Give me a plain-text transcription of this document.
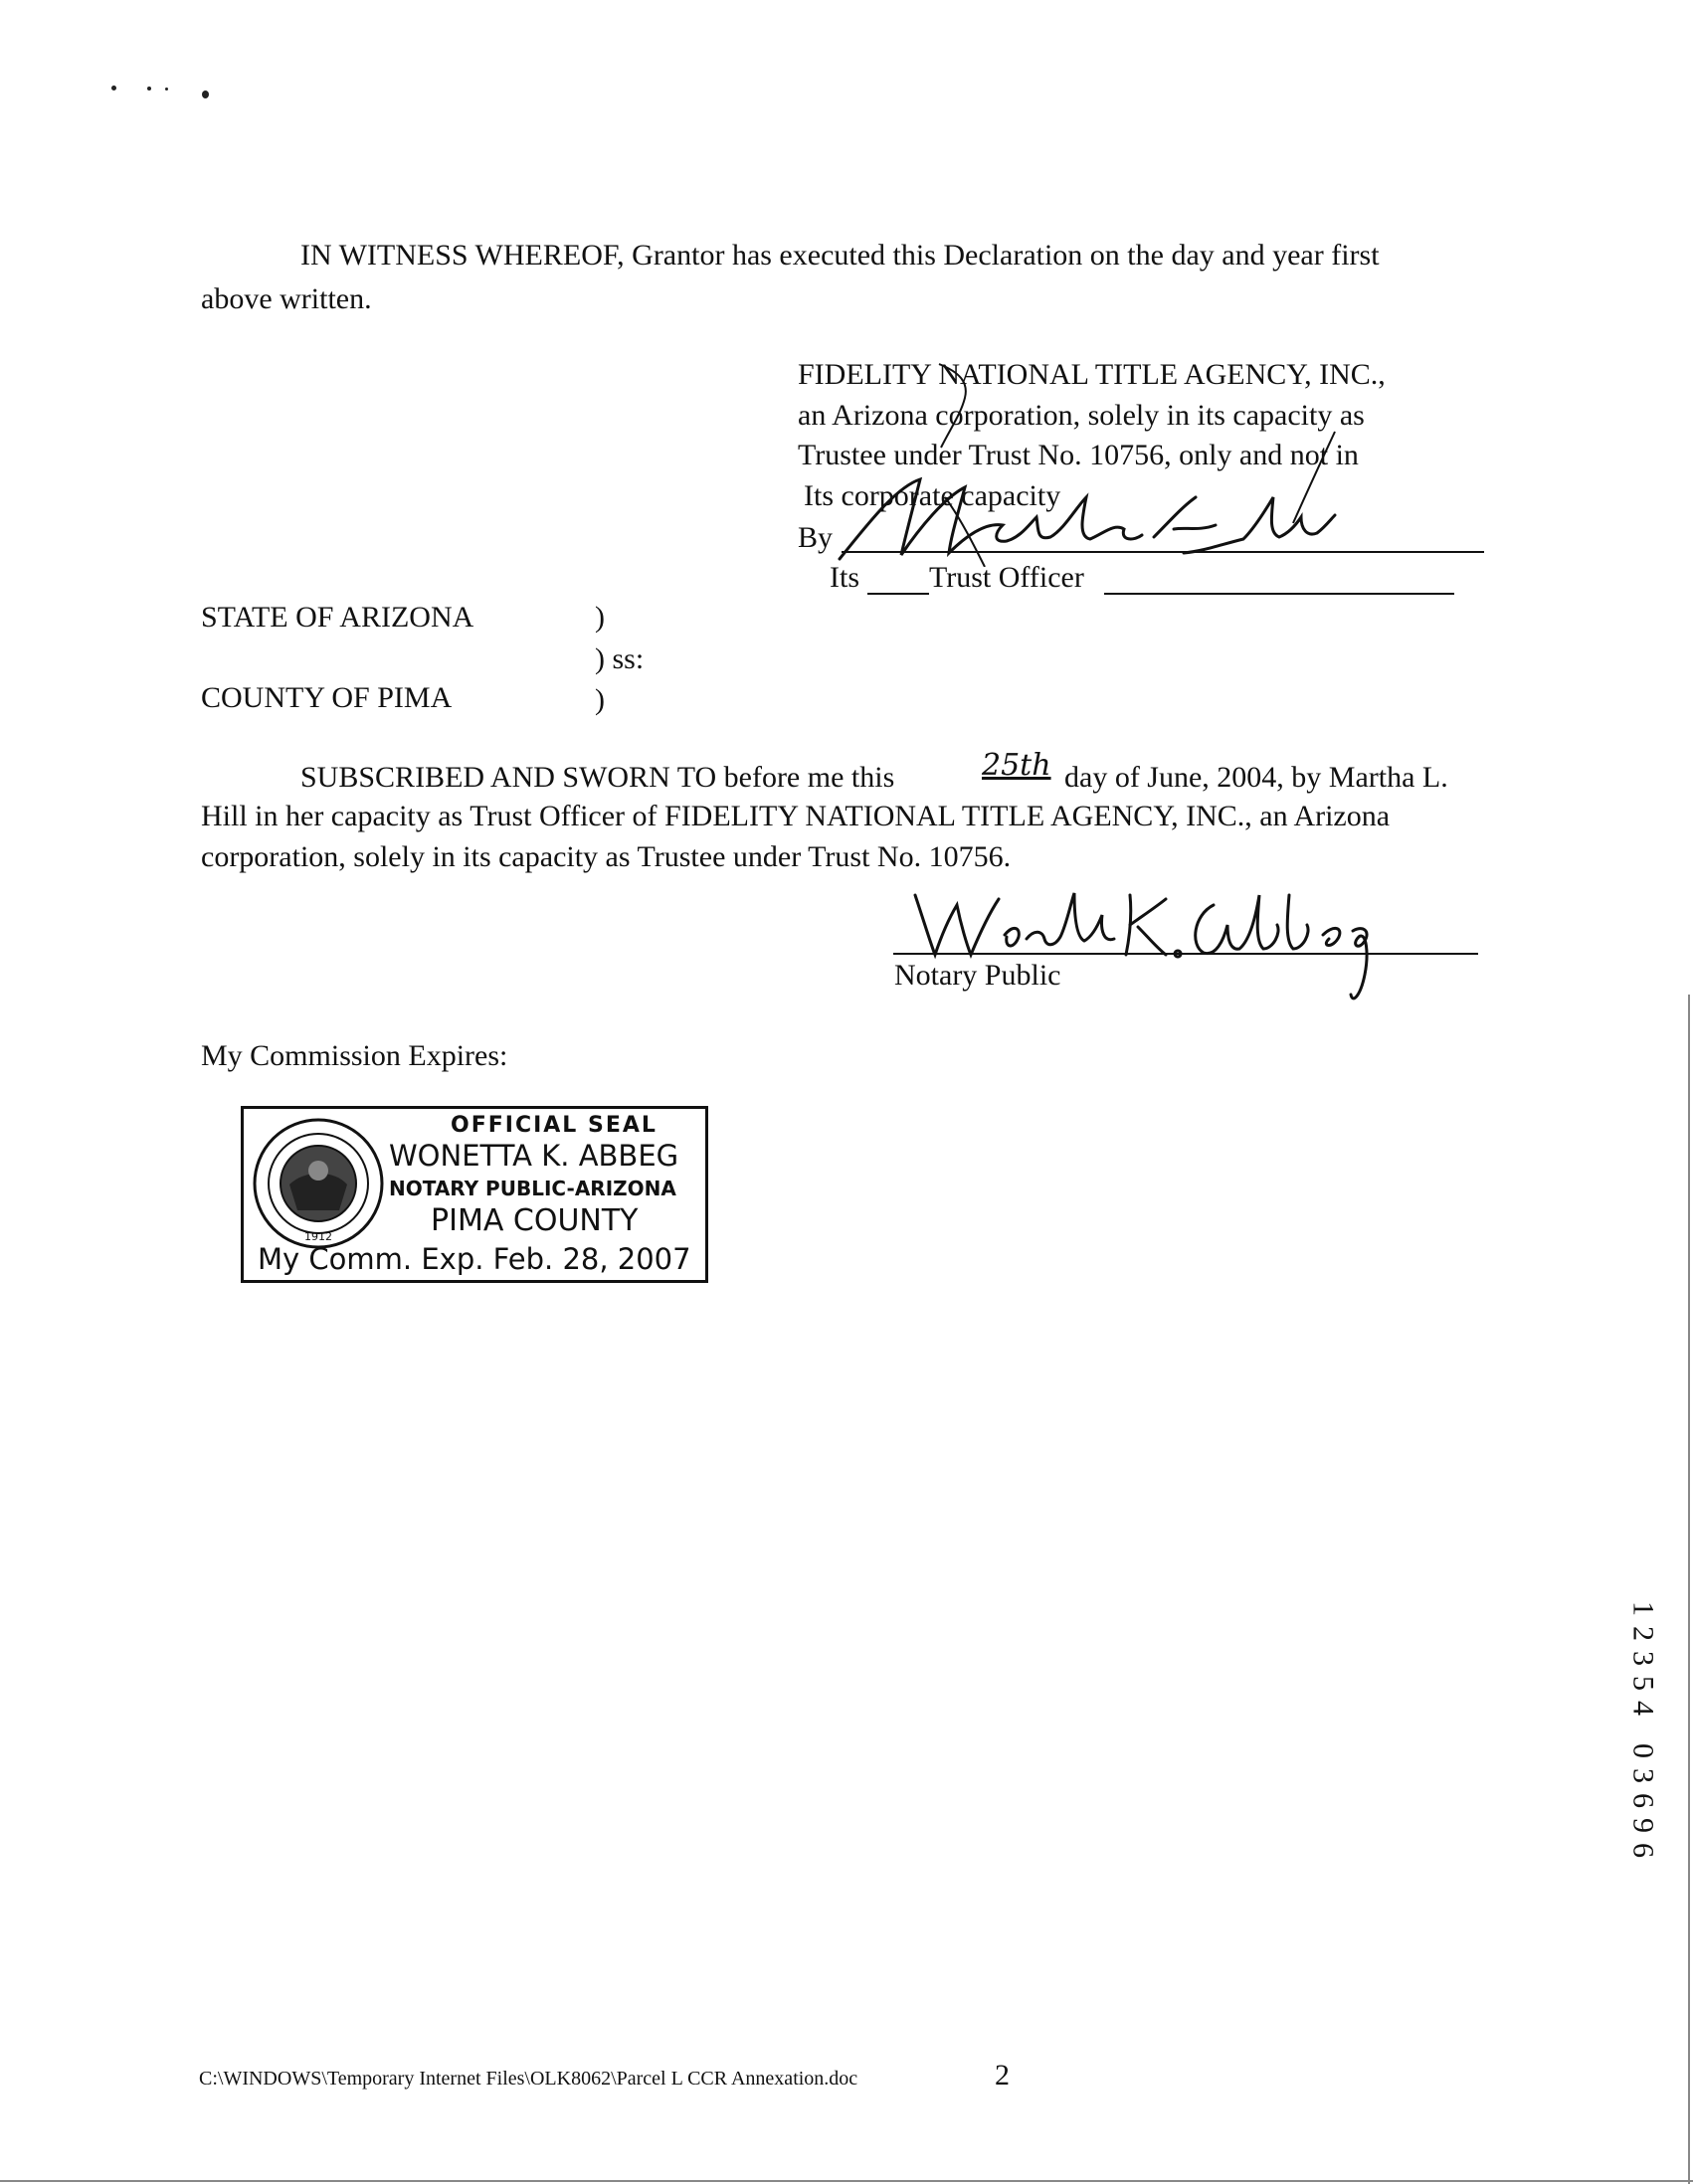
IN WITNESS WHEREOF, Grantor has executed this Declaration on the day and year first
above written.
FIDELITY NATIONAL TITLE AGENCY, INC.,
an Arizona corporation, solely in its capacity as
Trustee under Trust No. 10756, only and not in
Its corporate capacity
By
Its Trust Officer
STATE OF ARIZONA	)
) ss:
COUNTY OF PIMA	)
SUBSCRIBED AND SWORN TO before me this	25th day of June, 2004, by Martha L.
Hill in her capacity as Trust Officer of FIDELITY NATIONAL TITLE AGENCY, INC., an Arizona
corporation, solely in its capacity as Trustee under Trust No. 10756.
Notary Public
My Commission Expires:
1912
OFFICIAL SEAL
WONETTA K. ABBEG
NOTARY PUBLIC-ARIZONA
PIMA COUNTY
My Comm. Exp. Feb. 28, 2007
1
2
3
5
4
0
3
6
9
6
C:\WINDOWS\Temporary Internet Files\OLK8062\Parcel L CCR Annexation.doc	2
